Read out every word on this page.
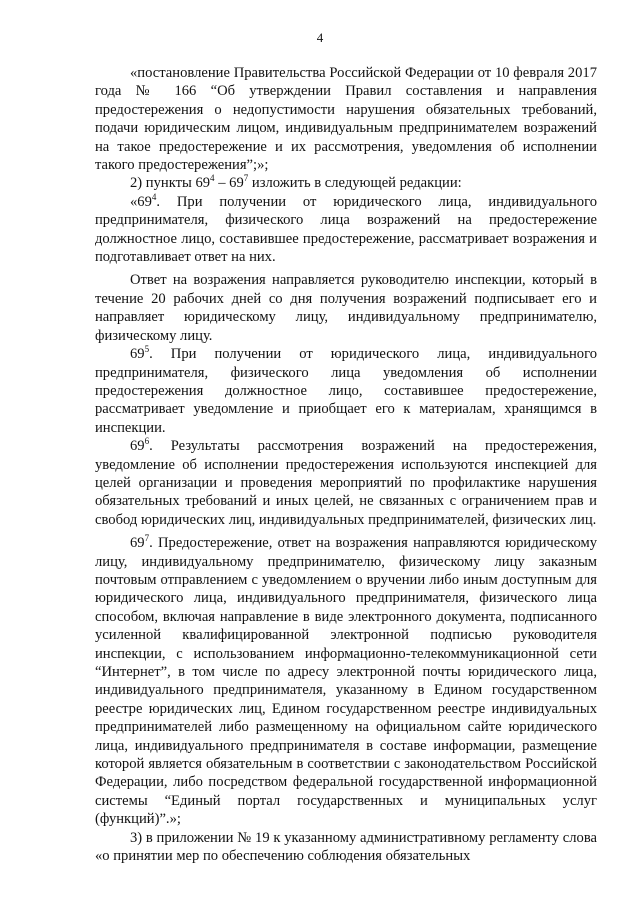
4

«постановление Правительства Российской Федерации от 10 февраля 2017 года № 166 “Об утверждении Правил составления и направления предостережения о недопустимости нарушения обязательных требований, подачи юридическим лицом, индивидуальным предпринимателем возражений на такое предостережение и их рассмотрения, уведомления об исполнении такого предостережения”;»;

2) пункты $69^4 - 69^7$ изложить в следующей редакции:

«$69^4$. При получении от юридического лица, индивидуального предпринимателя, физического лица возражений на предостережение должностное лицо, составившее предостережение, рассматривает возражения и подготавливает ответ на них.

Ответ на возражения направляется руководителю инспекции, который в течение 20 рабочих дней со дня получения возражений подписывает его и направляет юридическому лицу, индивидуальному предпринимателю, физическому лицу.

$69^5$. При получении от юридического лица, индивидуального предпринимателя, физического лица уведомления об исполнении предостережения должностное лицо, составившее предостережение, рассматривает уведомление и приобщает его к материалам, хранящимся в инспекции.

$69^6$. Результаты рассмотрения возражений на предостережения, уведомление об исполнении предостережения используются инспекцией для целей организации и проведения мероприятий по профилактике нарушения обязательных требований и иных целей, не связанных с ограничением прав и свобод юридических лиц, индивидуальных предпринимателей, физических лиц.

$69^7$. Предостережение, ответ на возражения направляются юридическому лицу, индивидуальному предпринимателю, физическому лицу заказным почтовым отправлением с уведомлением о вручении либо иным доступным для юридического лица, индивидуального предпринимателя, физического лица способом, включая направление в виде электронного документа, подписанного усиленной квалифицированной электронной подписью руководителя инспекции, с использованием информационно-телекоммуникационной сети “Интернет”, в том числе по адресу электронной почты юридического лица, индивидуального предпринимателя, указанному в Едином государственном реестре юридических лиц, Едином государственном реестре индивидуальных предпринимателей либо размещенному на официальном сайте юридического лица, индивидуального предпринимателя в составе информации, размещение которой является обязательным в соответствии с законодательством Российской Федерации, либо посредством федеральной государственной информационной системы “Единый портал государственных и муниципальных услуг (функций)”.»;

3) в приложении № 19 к указанному административному регламенту слова «о принятии мер по обеспечению соблюдения обязательных
